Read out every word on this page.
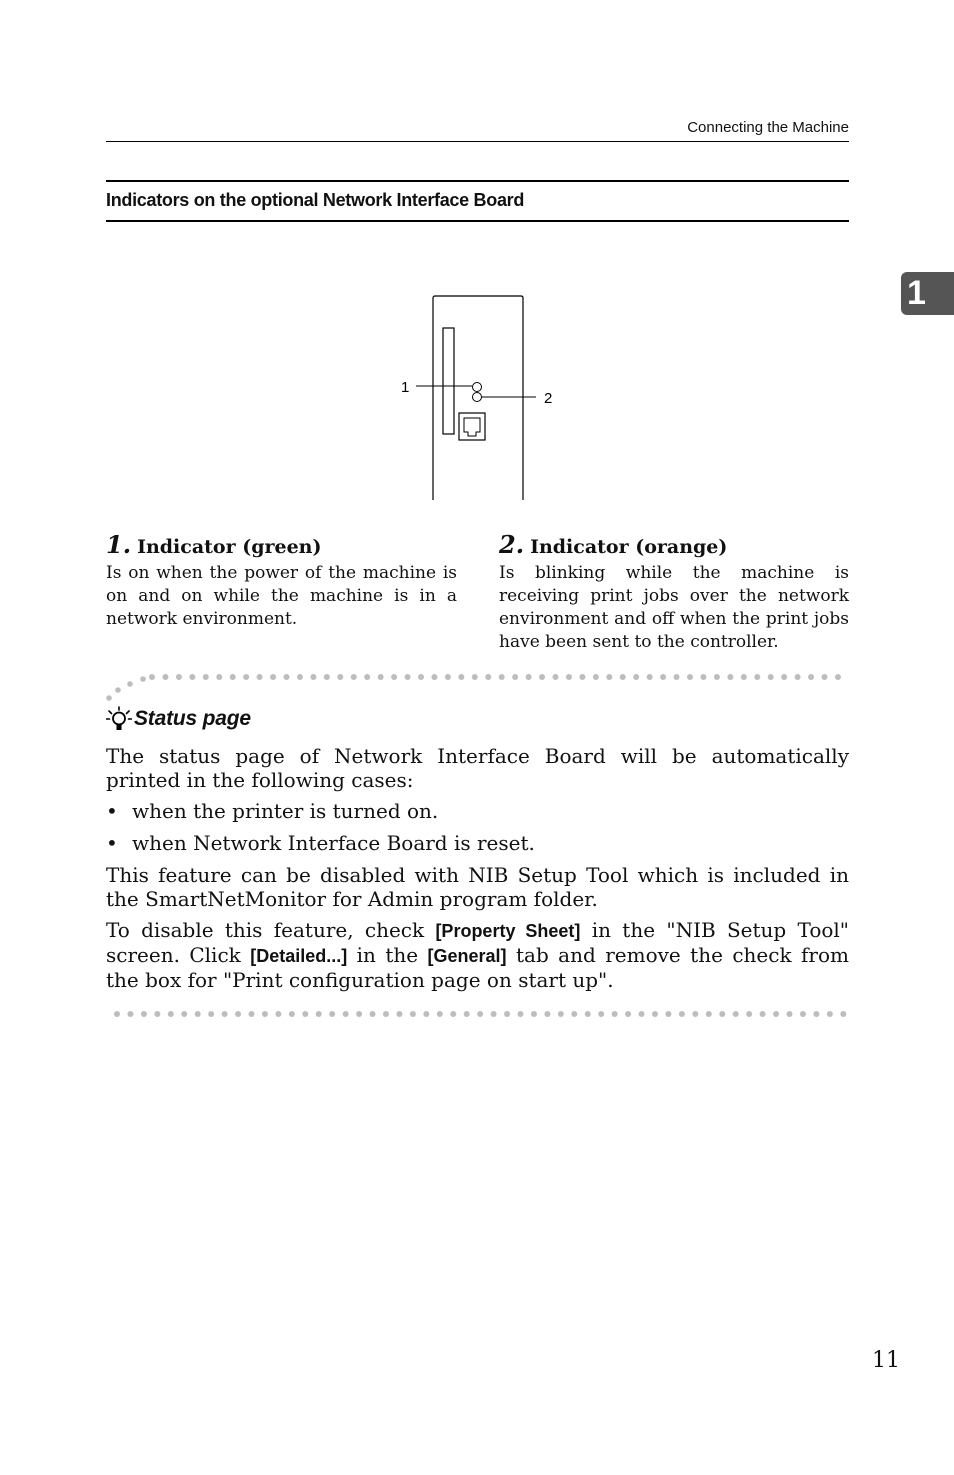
Connecting the Machine
Indicators on the optional Network Interface Board
1
1
2
1. Indicator (green)
Is on when the power of the machine is on and on while the machine is in a network environment.
2. Indicator (orange)
Is blinking while the machine is receiving print jobs over the network environment and off when the print jobs have been sent to the controller.
Status page

The status page of Network Interface Board will be automatically printed in the following cases:

• when the printer is turned on.
• when Network Interface Board is reset.

This feature can be disabled with NIB Setup Tool which is included in the SmartNetMonitor for Admin program folder.

To disable this feature, check [Property Sheet] in the "NIB Setup Tool" screen. Click [Detailed...] in the [General] tab and remove the check from the box for "Print configuration page on start up".

11
